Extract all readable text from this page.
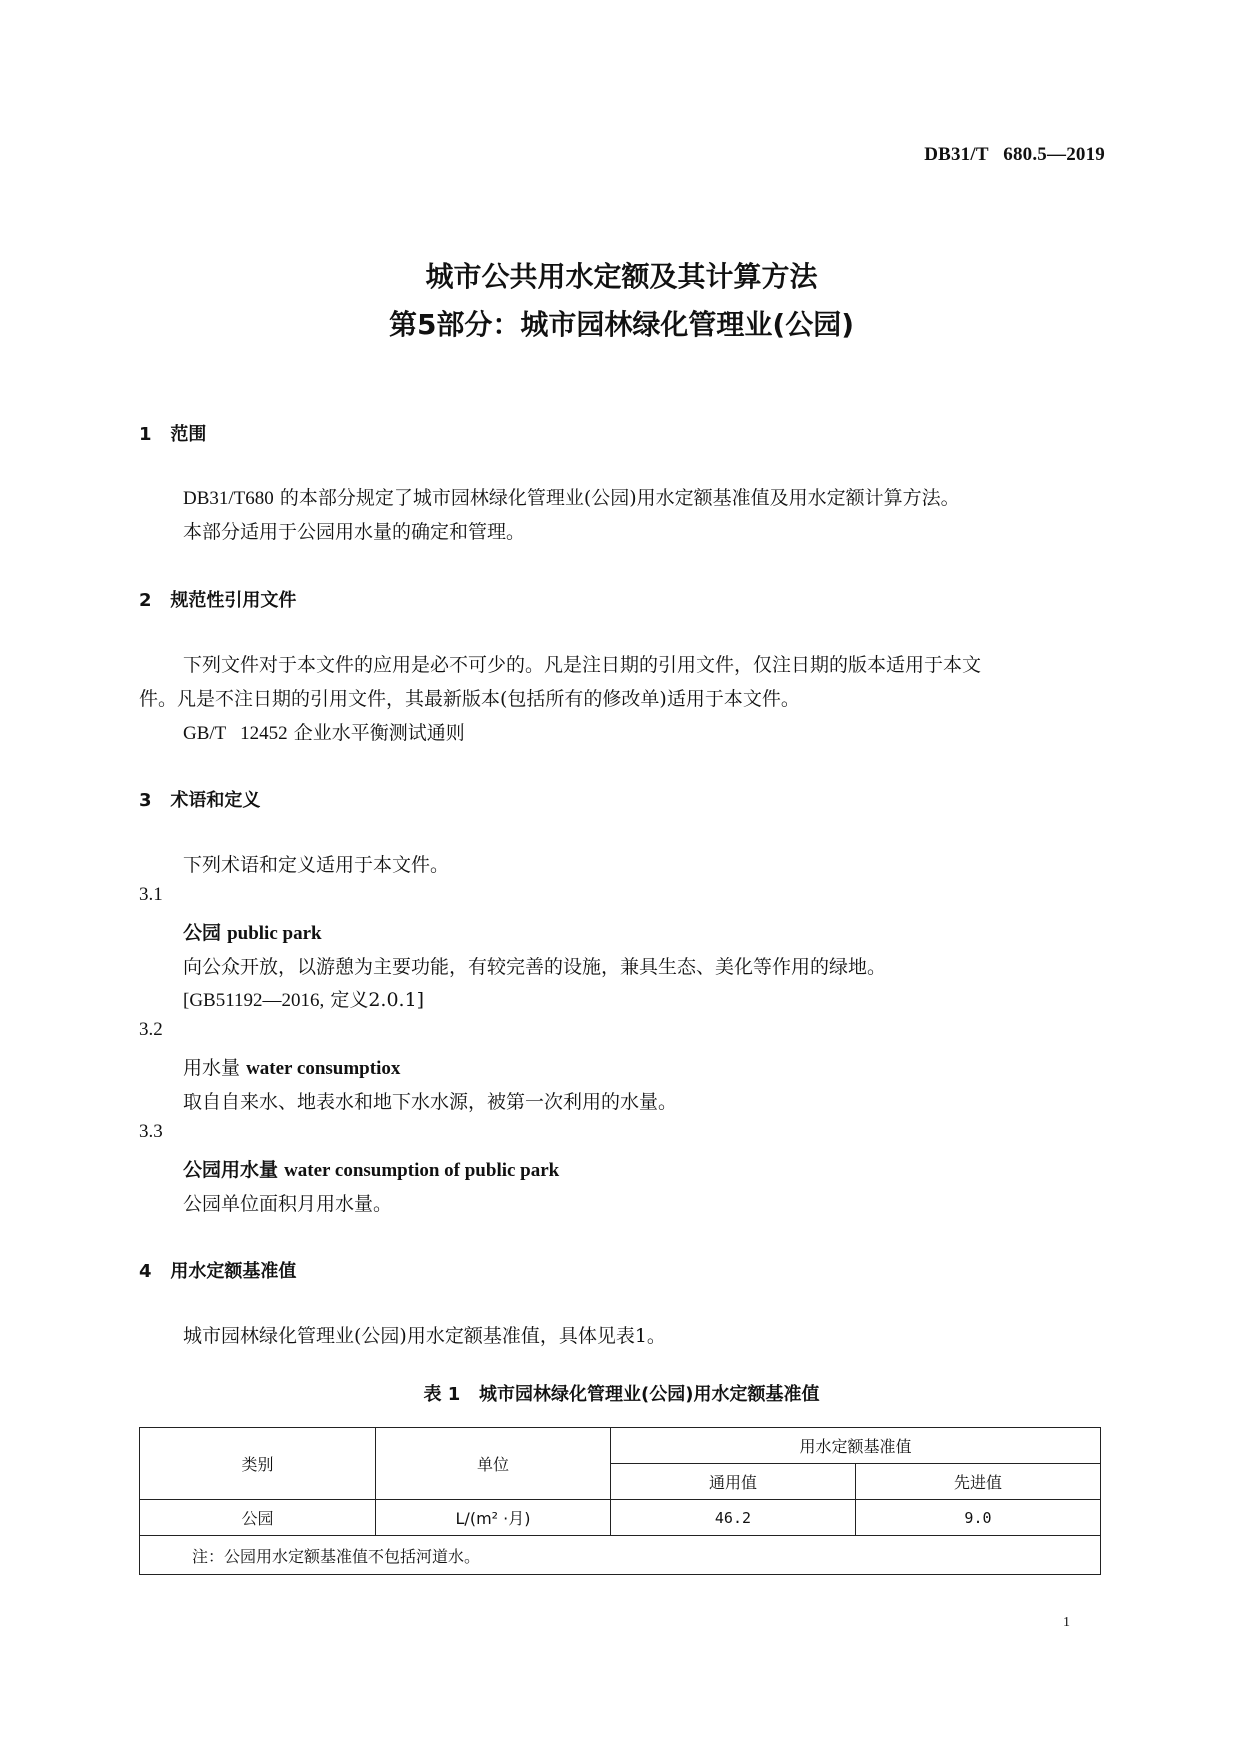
DB31/T   680.5—2019
城市公共用水定额及其计算方法
第5部分：城市园林绿化管理业(公园)
1 范围
DB31/T680 的本部分规定了城市园林绿化管理业(公园)用水定额基准值及用水定额计算方法。
本部分适用于公园用水量的确定和管理。
2 规范性引用文件
下列文件对于本文件的应用是必不可少的。凡是注日期的引用文件，仅注日期的版本适用于本文
件。凡是不注日期的引用文件，其最新版本(包括所有的修改单)适用于本文件。
GB/T   12452 企业水平衡测试通则
3 术语和定义
下列术语和定义适用于本文件。
3.1
公园 public park
向公众开放，以游憩为主要功能，有较完善的设施，兼具生态、美化等作用的绿地。
[GB51192—2016, 定义2.0.1]
3.2
用水量 water consumptiox
取自自来水、地表水和地下水水源，被第一次利用的水量。
3.3
公园用水量 water consumption of public park
公园单位面积月用水量。
4 用水定额基准值
城市园林绿化管理业(公园)用水定额基准值，具体见表1。
表 1   城市园林绿化管理业(公园)用水定额基准值
类别	单位	用水定额基准值	
		通用值	先进值
公园	L/(m² ·月)	46.2	9.0
注：公园用水定额基准值不包括河道水。			
1
